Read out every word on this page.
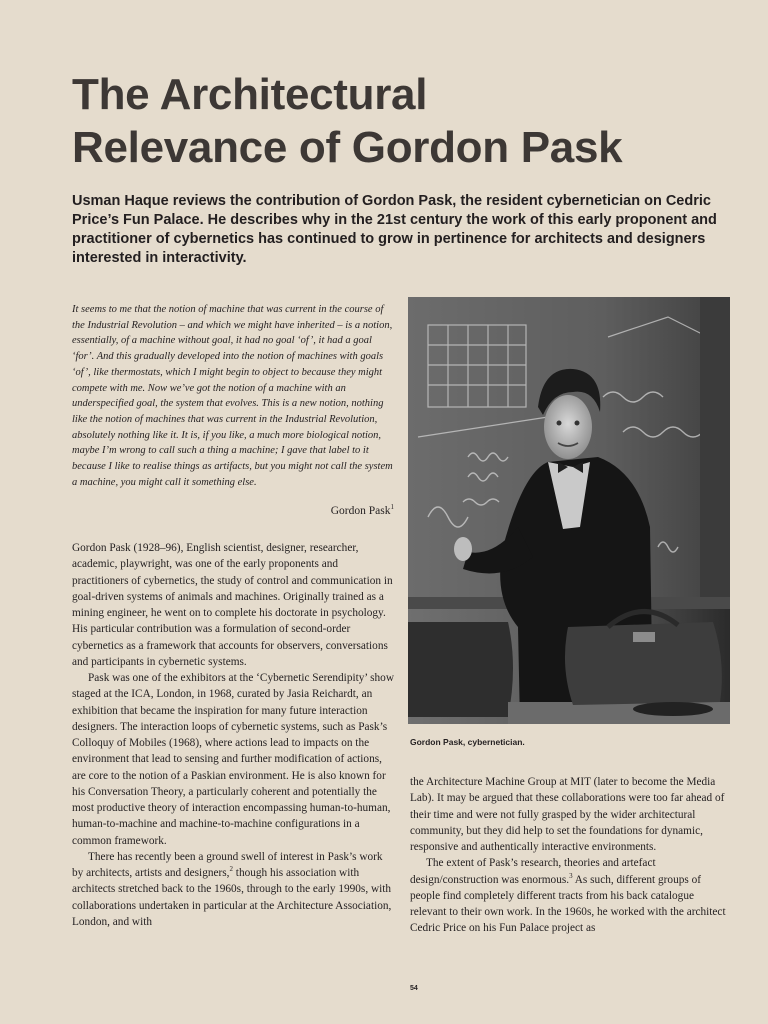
The Architectural
Relevance of Gordon Pask
Usman Haque reviews the contribution of Gordon Pask, the resident cybernetician on Cedric Price’s Fun Palace. He describes why in the 21st century the work of this early proponent and practitioner of cybernetics has continued to grow in pertinence for architects and designers interested in interactivity.
It seems to me that the notion of machine that was current in the course of the Industrial Revolution – and which we might have inherited – is a notion, essentially, of a machine without goal, it had no goal ‘of’, it had a goal ‘for’. And this gradually developed into the notion of machines with goals ‘of’, like thermostats, which I might begin to object to because they might compete with me. Now we’ve got the notion of a machine with an underspecified goal, the system that evolves. This is a new notion, nothing like the notion of machines that was current in the Industrial Revolution, absolutely nothing like it. It is, if you like, a much more biological notion, maybe I’m wrong to call such a thing a machine; I gave that label to it because I like to realise things as artifacts, but you might not call the system a machine, you might call it something else.
Gordon Pask$^1$

Gordon Pask (1928–96), English scientist, designer, researcher, academic, playwright, was one of the early proponents and practitioners of cybernetics, the study of control and communication in goal-driven systems of animals and machines. Originally trained as a mining engineer, he went on to complete his doctorate in psychology. His particular contribution was a formulation of second-order cybernetics as a framework that accounts for observers, conversations and participants in cybernetic systems.

Pask was one of the exhibitors at the ‘Cybernetic Serendipity’ show staged at the ICA, London, in 1968, curated by Jasia Reichardt, an exhibition that became the inspiration for many future interaction designers. The interaction loops of cybernetic systems, such as Pask’s Colloquy of Mobiles (1968), where actions lead to impacts on the environment that lead to sensing and further modification of actions, are core to the notion of a Paskian environment. He is also known for his Conversation Theory, a particularly coherent and potentially the most productive theory of interaction encompassing human-to-human, human-to-machine and machine-to-machine configurations in a common framework.

There has recently been a ground swell of interest in Pask’s work by architects, artists and designers,$^2$ though his association with architects stretched back to the 1960s, through to the early 1990s, with collaborations undertaken in particular at the Architecture Association, London, and with

Gordon Pask, cybernetician.

the Architecture Machine Group at MIT (later to become the Media Lab). It may be argued that these collaborations were too far ahead of their time and were not fully grasped by the wider architectural community, but they did help to set the foundations for dynamic, responsive and authentically interactive environments.

The extent of Pask’s research, theories and artefact design/construction was enormous.$^3$ As such, different groups of people find completely different tracts from his back catalogue relevant to their own work. In the 1960s, he worked with the architect Cedric Price on his Fun Palace project as

54
